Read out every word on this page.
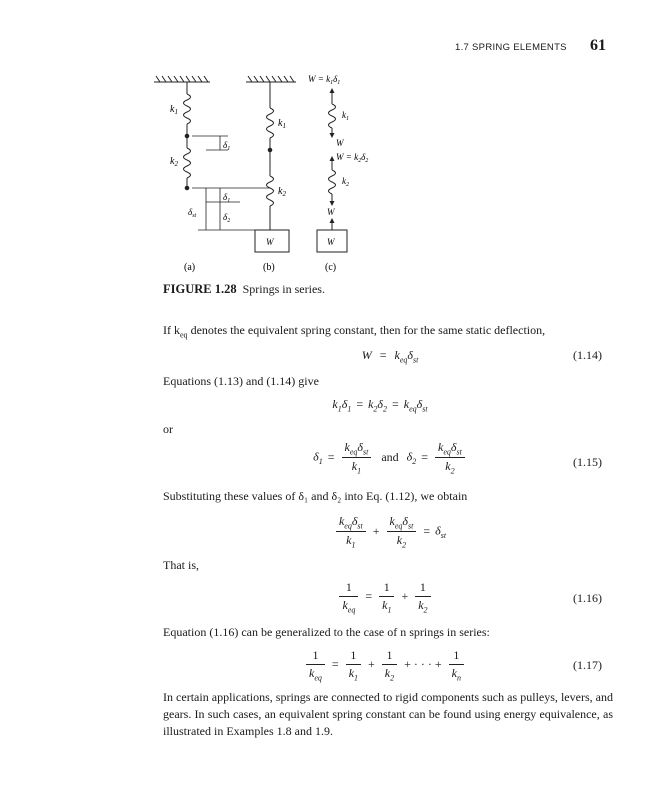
1.7 SPRING ELEMENTS 61
$k_1$
$k_2$
$\delta_1$
$\delta_1$
$\delta_2$
$\delta_{st}$
(a)
$k_1$
$k_2$
W
(b)
$W = k_1\delta_1$
$k_1$
W
$W = k_2\delta_2$
$k_2$
W
W
(c)
FIGURE 1.28 Springs in series.
If $k_{eq}$ denotes the equivalent spring constant, then for the same static deflection,
$W = k_{eq}\delta_{st}$	(1.14)
Equations (1.13) and (1.14) give
$k_1\delta_1 = k_2\delta_2 = k_{eq}\delta_{st}$
or
$\delta_1 = \frac{k_{eq}\delta_{st}}{k_1}$ and $\delta_2 = \frac{k_{eq}\delta_{st}}{k_2}$	(1.15)
Substituting these values of δ₁ and δ₂ into Eq. (1.12), we obtain
$\frac{k_{eq}\delta_{st}}{k_1} + \frac{k_{eq}\delta_{st}}{k_2} = \delta_{st}$
That is,
$\frac{1}{k_{eq}} = \frac{1}{k_1} + \frac{1}{k_2}$	(1.16)
Equation (1.16) can be generalized to the case of n springs in series:
$\frac{1}{k_{eq}} = \frac{1}{k_1} + \frac{1}{k_2}$ + · · · + $\frac{1}{k_n}$	(1.17)
In certain applications, springs are connected to rigid components such as pulleys, levers, and gears. In such cases, an equivalent spring constant can be found using energy equivalence, as illustrated in Examples 1.8 and 1.9.
